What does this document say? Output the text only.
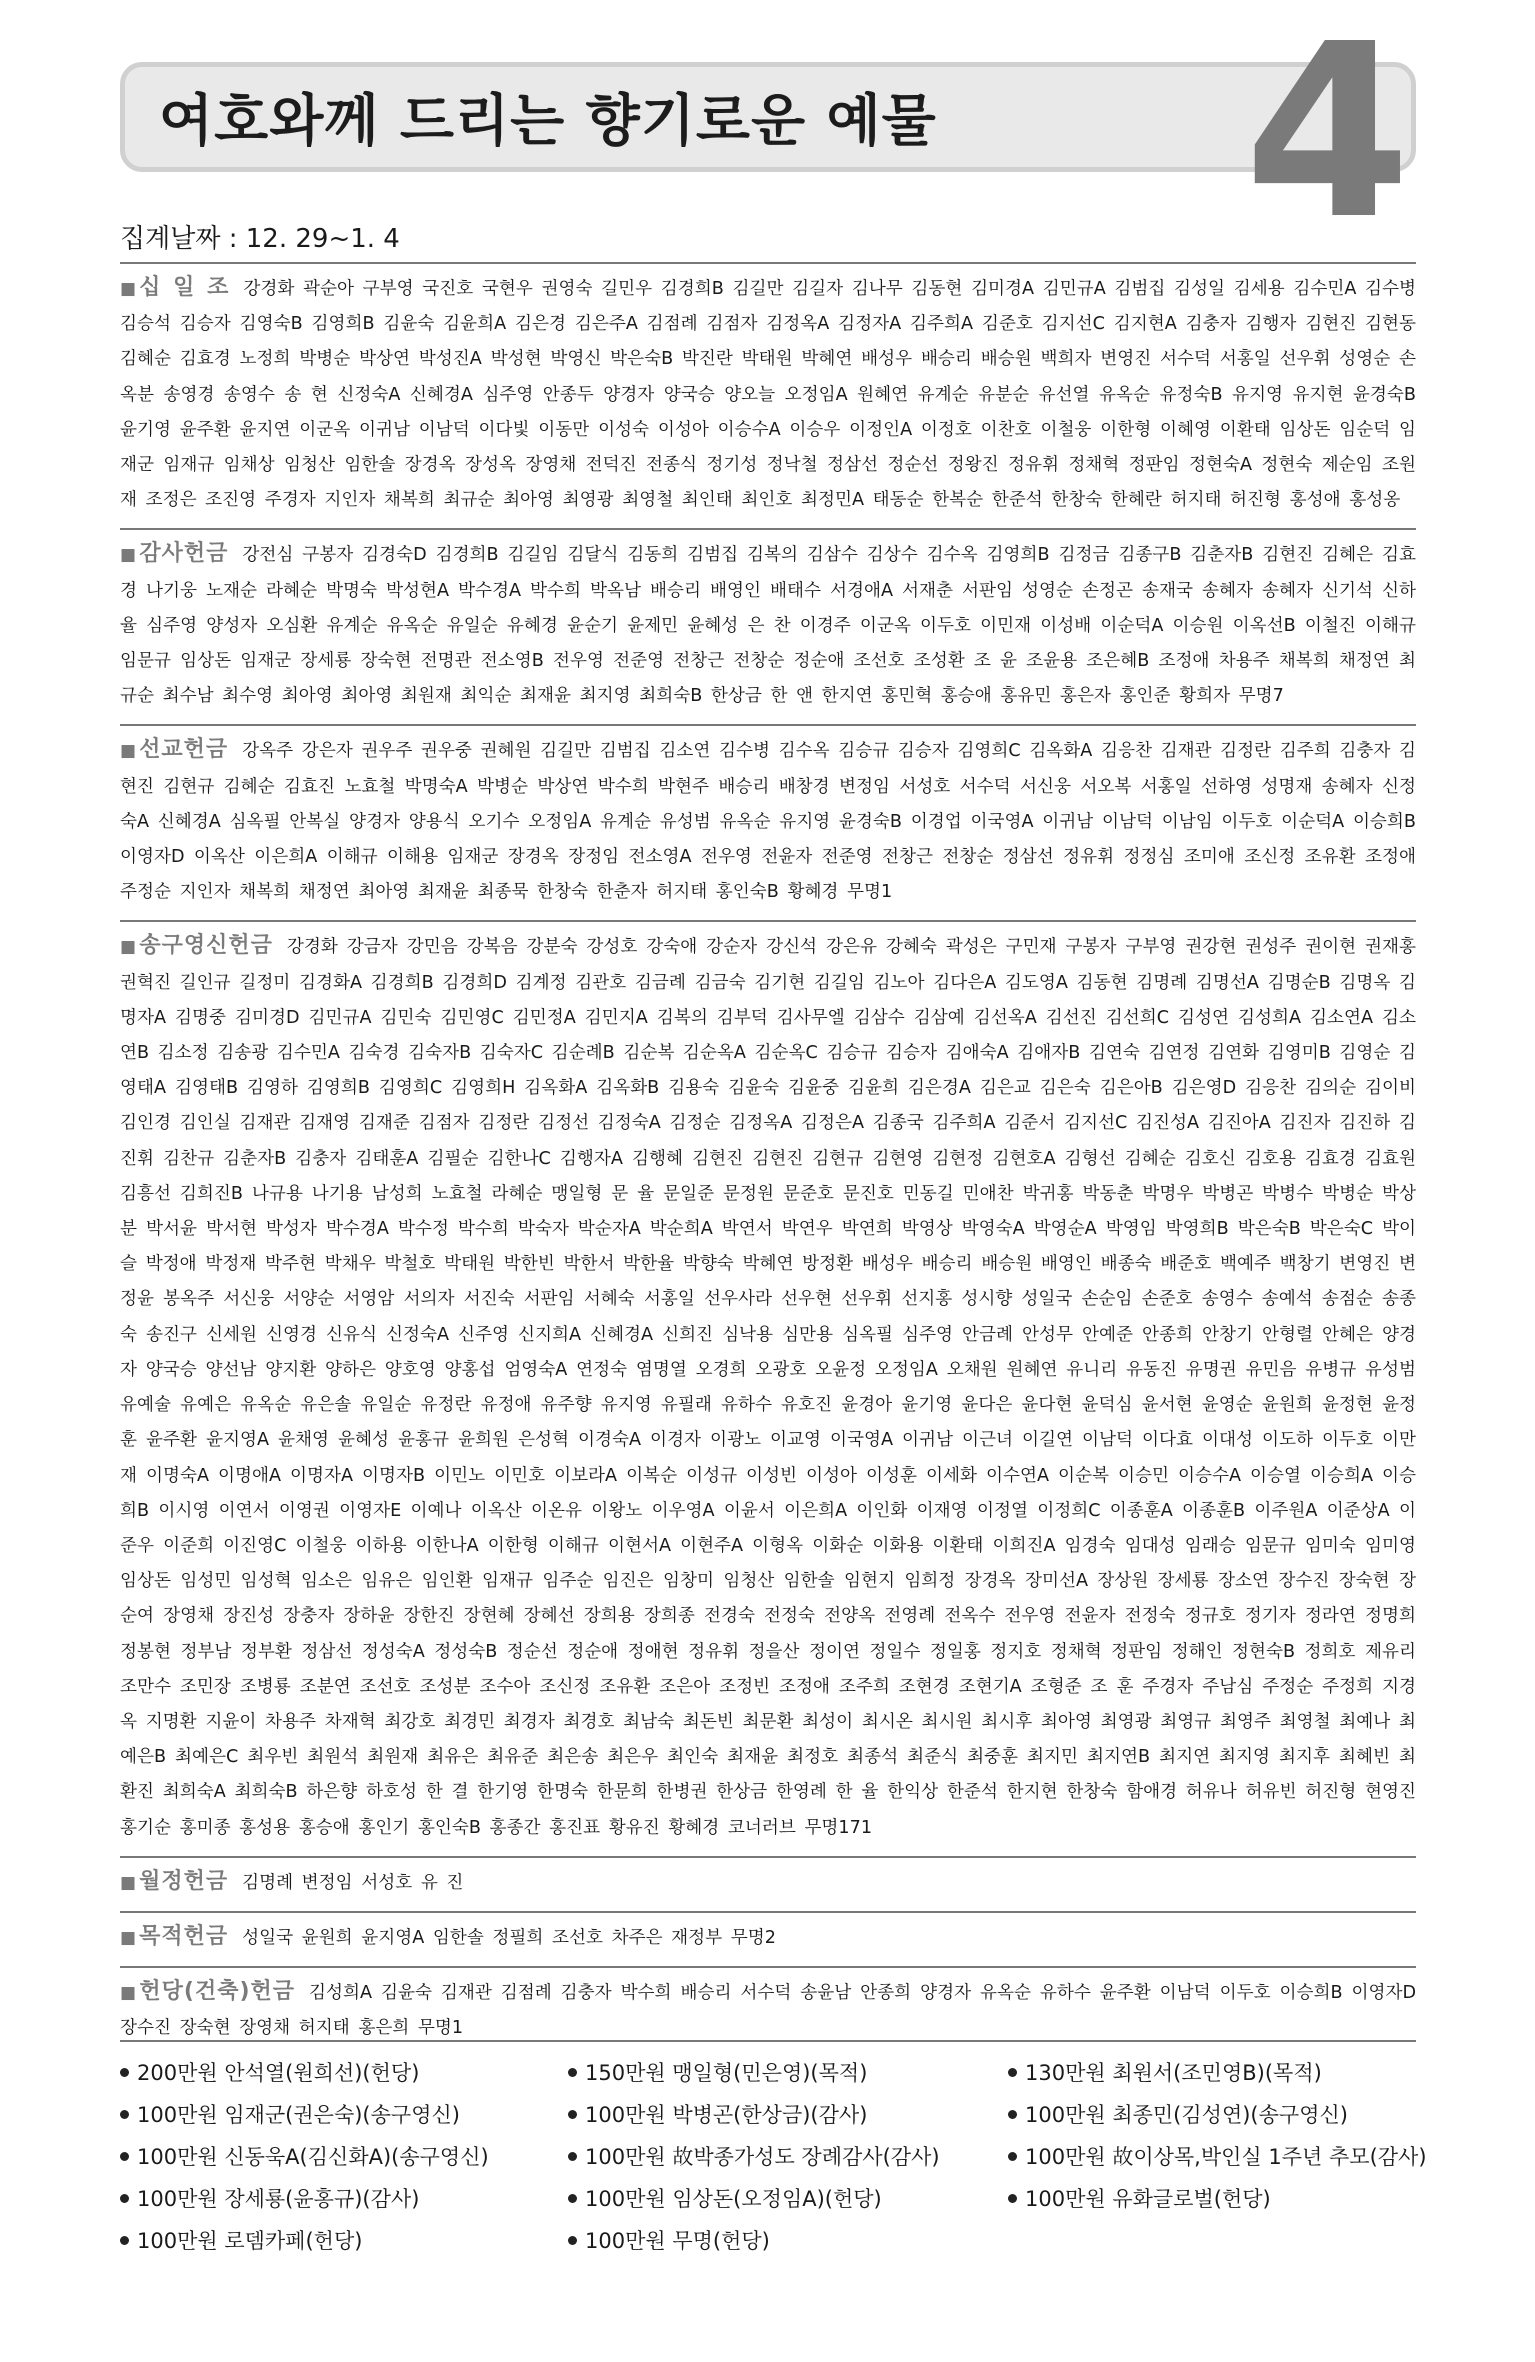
여호와께 드리는 향기로운 예물 4
집계날짜 : 12. 29~1. 4

■십 일 조 강경화 곽순아 구부영 국진호 국현우 권영숙 길민우 김경희B 김길만 김길자 김나무 김동현 김미경A 김민규A 김범집 김성일 김세용 김수민A 김수병 김승석 김승자 김영숙B 김영희B 김윤숙 김윤희A 김은경 김은주A 김점례 김점자 김정옥A 김정자A 김주희A 김준호 김지선C 김지현A 김충자 김행자 김현진 김현동 김혜순 김효경 노정희 박병순 박상연 박성진A 박성현 박영신 박은숙B 박진란 박태원 박혜연 배성우 배승리 배승원 백희자 변영진 서수덕 서홍일 선우휘 성영순 손옥분 송영경 송영수 송 현 신정숙A 신혜경A 심주영 안종두 양경자 양국승 양오늘 오정임A 원혜연 유계순 유분순 유선열 유옥순 유정숙B 유지영 유지현 윤경숙B 윤기영 윤주환 윤지연 이군옥 이귀남 이남덕 이다빛 이동만 이성숙 이성아 이승수A 이승우 이정인A 이정호 이찬호 이철웅 이한형 이혜영 이환태 임상돈 임순덕 임재군 임재규 임채상 임청산 임한솔 장경옥 장성옥 장영채 전덕진 전종식 정기성 정낙철 정삼선 정순선 정왕진 정유휘 정채혁 정판임 정현숙A 정현숙 제순임 조원재 조정은 조진영 주경자 지인자 채복희 최규순 최아영 최영광 최영철 최인태 최인호 최정민A 태동순 한복순 한준석 한창숙 한혜란 허지태 허진형 홍성애 홍성옹

■감사헌금 강전심 구봉자 김경숙D 김경희B 김길임 김달식 김동희 김범집 김복의 김삼수 김상수 김수옥 김영희B 김정금 김종구B 김춘자B 김현진 김혜은 김효경 나기웅 노재순 라혜순 박명숙 박성현A 박수경A 박수희 박옥남 배승리 배영인 배태수 서경애A 서재춘 서판임 성영순 손정곤 송재국 송혜자 송혜자 신기석 신하율 심주영 양성자 오심환 유계순 유옥순 유일순 유혜경 윤순기 윤제민 윤혜성 은 찬 이경주 이군옥 이두호 이민재 이성배 이순덕A 이승원 이옥선B 이철진 이해규 임문규 임상돈 임재군 장세룡 장숙현 전명관 전소영B 전우영 전준영 전창근 전창순 정순애 조선호 조성환 조 윤 조윤용 조은혜B 조정애 차용주 채복희 채정연 최규순 최수남 최수영 최아영 최아영 최원재 최익순 최재윤 최지영 최희숙B 한상금 한 앤 한지연 홍민혁 홍승애 홍유민 홍은자 홍인준 황희자 무명7

■선교헌금 강옥주 강은자 권우주 권우중 권혜원 김길만 김범집 김소연 김수병 김수옥 김승규 김승자 김영희C 김옥화A 김응찬 김재관 김정란 김주희 김충자 김현진 김현규 김혜순 김효진 노효철 박명숙A 박병순 박상연 박수희 박현주 배승리 배창경 변정임 서성호 서수덕 서신웅 서오복 서홍일 선하영 성명재 송혜자 신정숙A 신혜경A 심옥필 안복실 양경자 양용식 오기수 오정임A 유계순 유성범 유옥순 유지영 윤경숙B 이경업 이국영A 이귀남 이남덕 이남임 이두호 이순덕A 이승희B 이영자D 이옥산 이은희A 이해규 이해용 임재군 장경옥 장정임 전소영A 전우영 전윤자 전준영 전창근 전창순 정삼선 정유휘 정정심 조미애 조신정 조유환 조정애 주정순 지인자 채복희 채정연 최아영 최재윤 최종묵 한창숙 한춘자 허지태 홍인숙B 황혜경 무명1

■송구영신헌금 강경화 강금자 강민음 강복음 강분숙 강성호 강숙애 강순자 강신석 강은유 강혜숙 곽성은 구민재 구봉자 구부영 권강현 권성주 권이현 권재홍 권혁진 길인규 길정미 김경화A 김경희B 김경희D 김계정 김관호 김금례 김금숙 김기현 김길임 김노아 김다은A 김도영A 김동현 김명례 김명선A 김명순B 김명옥 김명자A 김명중 김미경D 김민규A 김민숙 김민영C 김민정A 김민지A 김복의 김부덕 김사무엘 김삼수 김삼예 김선옥A 김선진 김선희C 김성연 김성희A 김소연A 김소연B 김소정 김송광 김수민A 김숙경 김숙자B 김숙자C 김순례B 김순복 김순옥A 김순옥C 김승규 김승자 김애숙A 김애자B 김연숙 김연정 김연화 김영미B 김영순 김영태A 김영태B 김영하 김영희B 김영희C 김영희H 김옥화A 김옥화B 김용숙 김윤숙 김윤중 김윤희 김은경A 김은교 김은숙 김은아B 김은영D 김응찬 김의순 김이비 김인경 김인실 김재관 김재영 김재준 김점자 김정란 김정선 김정숙A 김정순 김정옥A 김정은A 김종국 김주희A 김준서 김지선C 김진성A 김진아A 김진자 김진하 김진휘 김찬규 김춘자B 김충자 김태훈A 김필순 김한나C 김행자A 김행혜 김현진 김현진 김현규 김현영 김현정 김현호A 김형선 김혜순 김호신 김호용 김효경 김효원 김흥선 김희진B 나규용 나기용 남성희 노효철 라혜순 맹일형 문 율 문일준 문정원 문준호 문진호 민동길 민애찬 박귀홍 박동춘 박명우 박병곤 박병수 박병순 박상분 박서윤 박서현 박성자 박수경A 박수정 박수희 박숙자 박순자A 박순희A 박연서 박연우 박연희 박영상 박영숙A 박영순A 박영임 박영희B 박은숙B 박은숙C 박이슬 박정애 박정재 박주현 박채우 박철호 박태원 박한빈 박한서 박한율 박향숙 박혜연 방정환 배성우 배승리 배승원 배영인 배종숙 배준호 백예주 백창기 변영진 변정윤 봉옥주 서신웅 서양순 서영암 서의자 서진숙 서판임 서혜숙 서홍일 선우사라 선우현 선우휘 선지홍 성시향 성일국 손순임 손준호 송영수 송예석 송점순 송종숙 송진구 신세원 신영경 신유식 신정숙A 신주영 신지희A 신혜경A 신희진 심낙용 심만용 심옥필 심주영 안금례 안성무 안예준 안종희 안창기 안형렬 안혜은 양경자 양국승 양선남 양지환 양하은 양호영 양홍섭 엄영숙A 연정숙 염명열 오경희 오광호 오윤정 오정임A 오채원 원혜연 유니리 유동진 유명권 유민음 유병규 유성범 유예술 유예은 유옥순 유은솔 유일순 유정란 유정애 유주향 유지영 유필래 유하수 유호진 윤경아 윤기영 윤다은 윤다현 윤덕심 윤서현 윤영순 윤원희 윤정현 윤정훈 윤주환 윤지영A 윤채영 윤혜성 윤홍규 윤희원 은성혁 이경숙A 이경자 이광노 이교영 이국영A 이귀남 이근녀 이길연 이남덕 이다효 이대성 이도하 이두호 이만재 이명숙A 이명애A 이명자A 이명자B 이민노 이민호 이보라A 이복순 이성규 이성빈 이성아 이성훈 이세화 이수연A 이순복 이승민 이승수A 이승열 이승희A 이승희B 이시영 이연서 이영권 이영자E 이예나 이옥산 이온유 이왕노 이우영A 이윤서 이은희A 이인화 이재영 이정열 이정희C 이종훈A 이종훈B 이주원A 이준상A 이준우 이준희 이진영C 이철웅 이하용 이한나A 이한형 이해규 이현서A 이현주A 이형옥 이화순 이화용 이환태 이희진A 임경숙 임대성 임래승 임문규 임미숙 임미영 임상돈 임성민 임성혁 임소은 임유은 임인환 임재규 임주순 임진은 임창미 임청산 임한솔 임현지 임희정 장경옥 장미선A 장상원 장세룡 장소연 장수진 장숙현 장순여 장영채 장진성 장충자 장하윤 장한진 장현혜 장혜선 장희용 장희종 전경숙 전정숙 전양옥 전영례 전옥수 전우영 전윤자 전정숙 정규호 정기자 정라연 정명희 정봉현 정부남 정부환 정삼선 정성숙A 정성숙B 정순선 정순애 정애현 정유휘 정을산 정이연 정일수 정일홍 정지호 정채혁 정판임 정해인 정현숙B 정희호 제유리 조만수 조민장 조병룡 조분연 조선호 조성분 조수아 조신정 조유환 조은아 조정빈 조정애 조주희 조현경 조현기A 조형준 조 훈 주경자 주남심 주정순 주정희 지경옥 지명환 지윤이 차용주 차재혁 최강호 최경민 최경자 최경호 최남숙 최돈빈 최문환 최성이 최시온 최시원 최시후 최아영 최영광 최영규 최영주 최영철 최예나 최예은B 최예은C 최우빈 최원석 최원재 최유은 최유준 최은송 최은우 최인숙 최재윤 최정호 최종석 최준식 최중훈 최지민 최지연B 최지연 최지영 최지후 최혜빈 최환진 최희숙A 최희숙B 하은향 하호성 한 결 한기영 한명숙 한문희 한병권 한상금 한영례 한 율 한익상 한준석 한지현 한창숙 함애경 허유나 허유빈 허진형 현영진 홍기순 홍미종 홍성용 홍승애 홍인기 홍인숙B 홍종간 홍진표 황유진 황혜경 코너러브 무명171

■월정헌금 김명례 변정임 서성호 유 진

■목적헌금 성일국 윤원희 윤지영A 임한솔 정필희 조선호 차주은 재정부 무명2

■헌당(건축)헌금 김성희A 김윤숙 김재관 김점례 김충자 박수희 배승리 서수덕 송윤남 안종희 양경자 유옥순 유하수 윤주환 이남덕 이두호 이승희B 이영자D 장수진 장숙현 장영채 허지태 홍은희 무명1

200만원 안석열(원희선)(헌당)	150만원 맹일형(민은영)(목적)	130만원 최원서(조민영B)(목적)
100만원 임재군(권은숙)(송구영신)	100만원 박병곤(한상금)(감사)	100만원 최종민(김성연)(송구영신)
100만원 신동욱A(김신화A)(송구영신)	100만원 故박종가성도 장례감사(감사)	100만원 故이상목,박인실 1주년 추모(감사)
100만원 장세룡(윤홍규)(감사)	100만원 임상돈(오정임A)(헌당)	100만원 유화글로벌(헌당)
100만원 로뎀카페(헌당)	100만원 무명(헌당)
